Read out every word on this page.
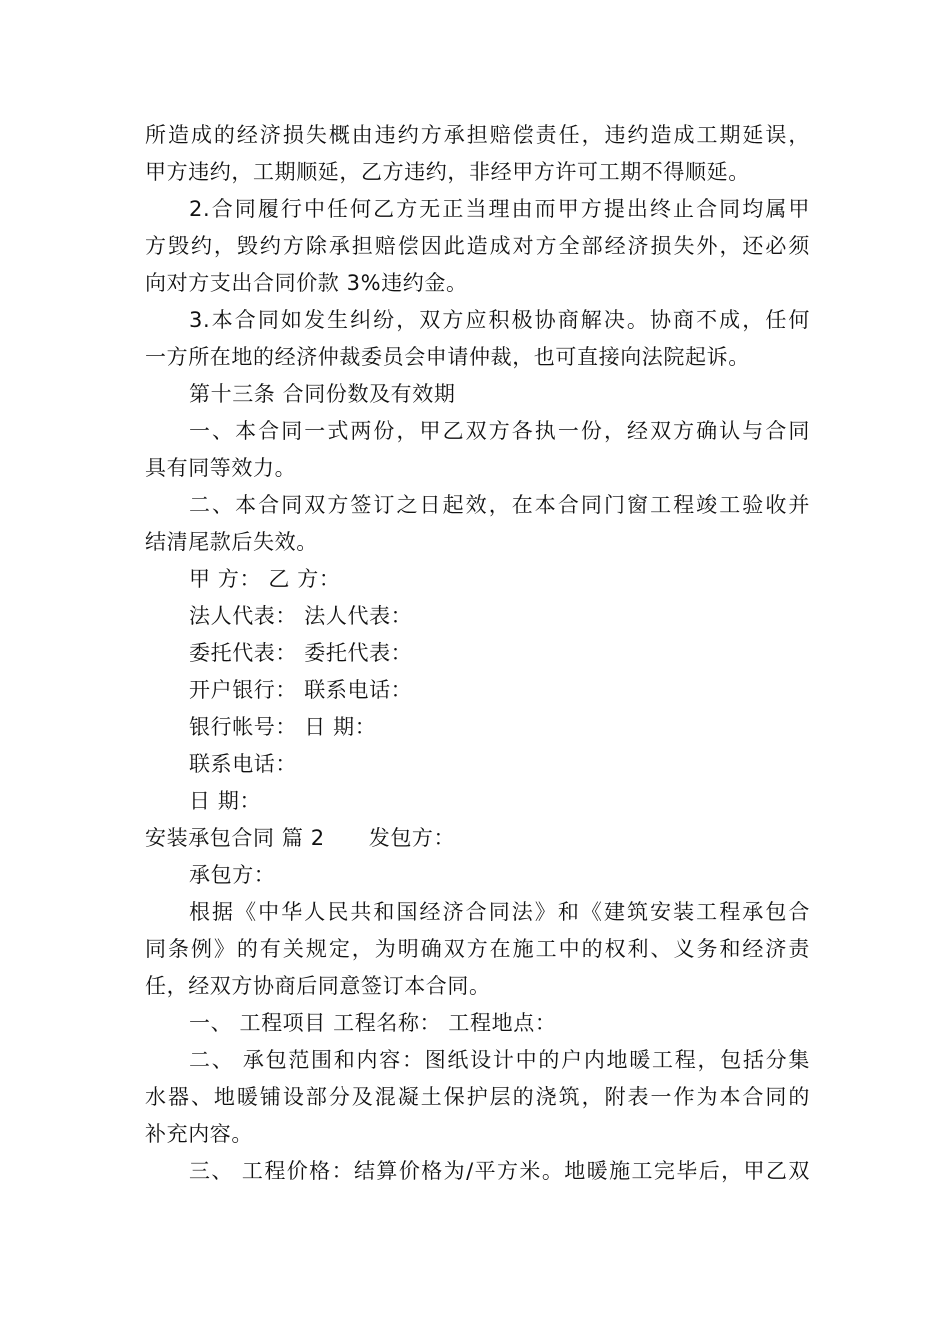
所造成的经济损失概由违约方承担赔偿责任，违约造成工期延误，
甲方违约，工期顺延，乙方违约，非经甲方许可工期不得顺延。
2.合同履行中任何乙方无正当理由而甲方提出终止合同均属甲
方毁约，毁约方除承担赔偿因此造成对方全部经济损失外，还必须
向对方支出合同价款 3%违约金。
3.本合同如发生纠纷，双方应积极协商解决。协商不成，任何
一方所在地的经济仲裁委员会申请仲裁，也可直接向法院起诉。
第十三条 合同份数及有效期
一、本合同一式两份，甲乙双方各执一份，经双方确认与合同
具有同等效力。
二、本合同双方签订之日起效，在本合同门窗工程竣工验收并
结清尾款后失效。
甲 方： 乙 方：
法人代表： 法人代表：
委托代表： 委托代表：
开户银行： 联系电话：
银行帐号： 日 期：
联系电话：
日 期：
安装承包合同 篇 2 发包方：
承包方：
根据《中华人民共和国经济合同法》和《建筑安装工程承包合
同条例》的有关规定，为明确双方在施工中的权利、义务和经济责
任，经双方协商后同意签订本合同。
一、 工程项目 工程名称： 工程地点：
二、 承包范围和内容：图纸设计中的户内地暖工程，包括分集
水器、地暖铺设部分及混凝土保护层的浇筑，附表一作为本合同的
补充内容。
三、 工程价格：结算价格为/平方米。地暖施工完毕后，甲乙双
